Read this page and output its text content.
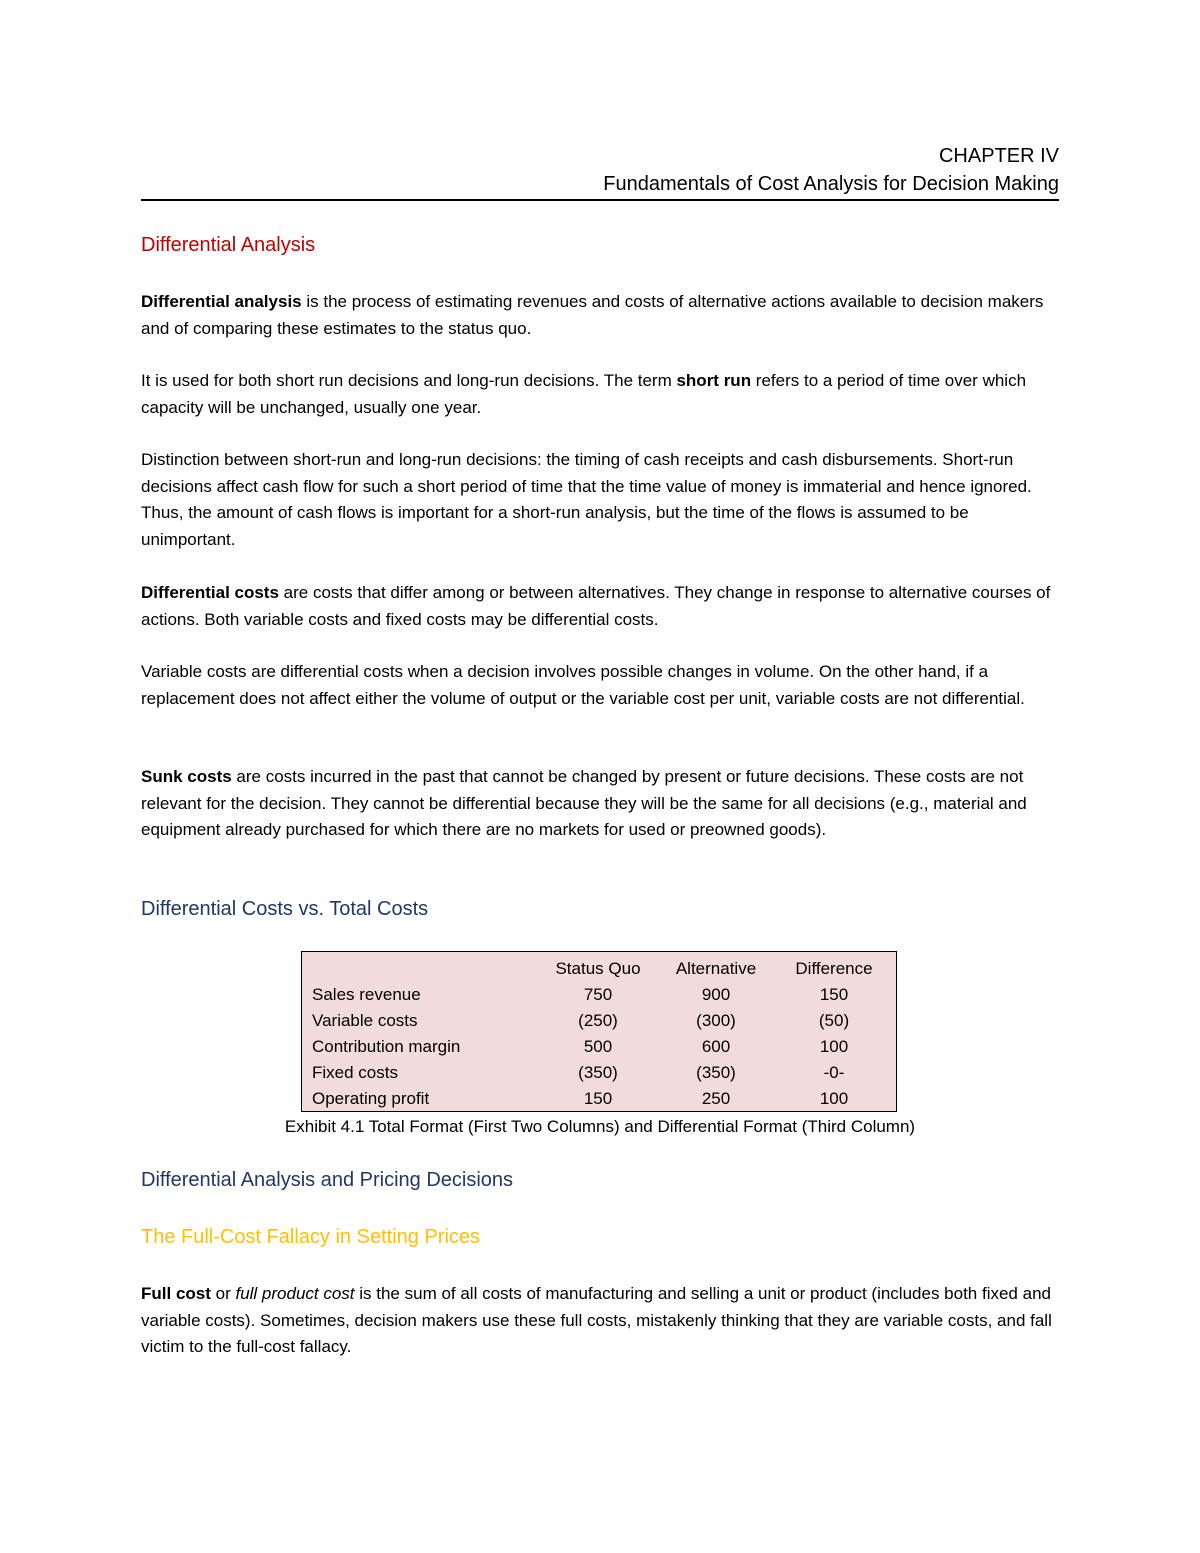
CHAPTER IV
Fundamentals of Cost Analysis for Decision Making
Differential Analysis

Differential analysis is the process of estimating revenues and costs of alternative actions available to decision makers and of comparing these estimates to the status quo.

It is used for both short run decisions and long-run decisions. The term short run refers to a period of time over which capacity will be unchanged, usually one year.

Distinction between short-run and long-run decisions: the timing of cash receipts and cash disbursements. Short-run decisions affect cash flow for such a short period of time that the time value of money is immaterial and hence ignored. Thus, the amount of cash flows is important for a short-run analysis, but the time of the flows is assumed to be unimportant.

Differential costs are costs that differ among or between alternatives. They change in response to alternative courses of actions. Both variable costs and fixed costs may be differential costs.

Variable costs are differential costs when a decision involves possible changes in volume. On the other hand, if a replacement does not affect either the volume of output or the variable cost per unit, variable costs are not differential.

Sunk costs are costs incurred in the past that cannot be changed by present or future decisions. These costs are not relevant for the decision. They cannot be differential because they will be the same for all decisions (e.g., material and equipment already purchased for which there are no markets for used or preowned goods).

Differential Costs vs. Total Costs
	Status Quo	Alternative	Difference
Sales revenue	750	900	150
Variable costs	(250)	(300)	(50)
Contribution margin	500	600	100
Fixed costs	(350)	(350)	-0-
Operating profit	150	250	100
Exhibit 4.1 Total Format (First Two Columns) and Differential Format (Third Column)
Differential Analysis and Pricing Decisions
The Full-Cost Fallacy in Setting Prices

Full cost or full product cost is the sum of all costs of manufacturing and selling a unit or product (includes both fixed and variable costs). Sometimes, decision makers use these full costs, mistakenly thinking that they are variable costs, and fall victim to the full-cost fallacy.
